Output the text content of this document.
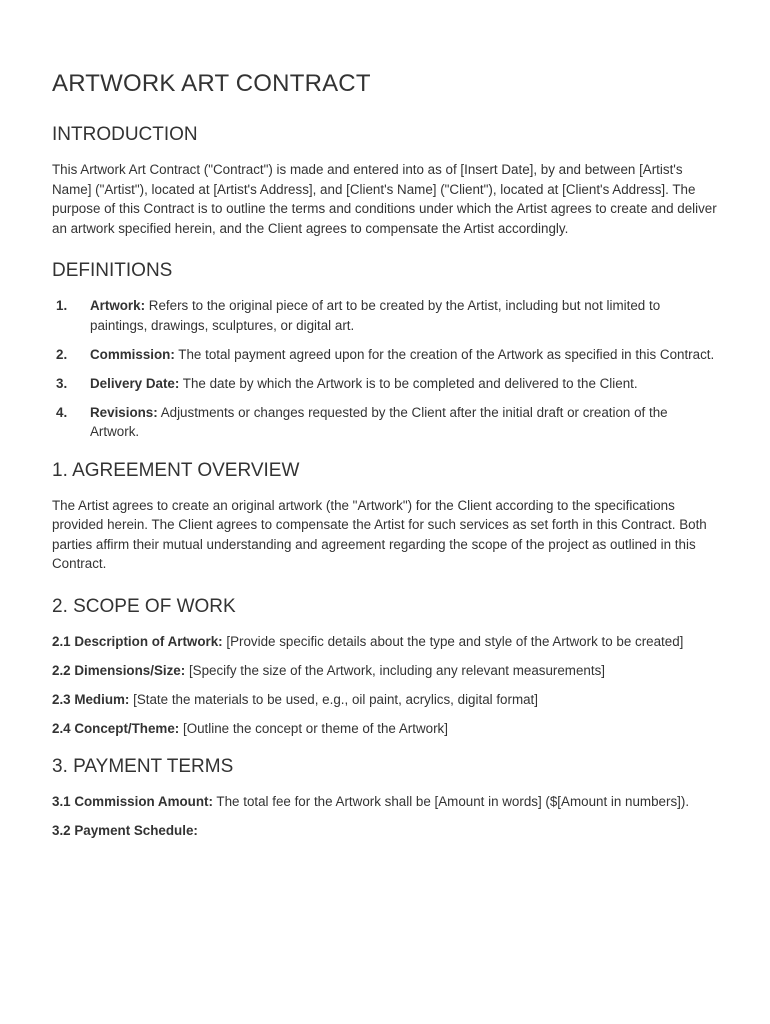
ARTWORK ART CONTRACT
INTRODUCTION

This Artwork Art Contract ("Contract") is made and entered into as of [Insert Date], by and between [Artist's Name] ("Artist"), located at [Artist's Address], and [Client's Name] ("Client"), located at [Client's Address]. The purpose of this Contract is to outline the terms and conditions under which the Artist agrees to create and deliver an artwork specified herein, and the Client agrees to compensate the Artist accordingly.

DEFINITIONS
1.	Artwork: Refers to the original piece of art to be created by the Artist, including but not limited to paintings, drawings, sculptures, or digital art.
2.	Commission: The total payment agreed upon for the creation of the Artwork as specified in this Contract.
3.	Delivery Date: The date by which the Artwork is to be completed and delivered to the Client.
4.	Revisions: Adjustments or changes requested by the Client after the initial draft or creation of the Artwork.
1. AGREEMENT OVERVIEW

The Artist agrees to create an original artwork (the "Artwork") for the Client according to the specifications provided herein. The Client agrees to compensate the Artist for such services as set forth in this Contract. Both parties affirm their mutual understanding and agreement regarding the scope of the project as outlined in this Contract.

2. SCOPE OF WORK

2.1 Description of Artwork: [Provide specific details about the type and style of the Artwork to be created]

2.2 Dimensions/Size: [Specify the size of the Artwork, including any relevant measurements]

2.3 Medium: [State the materials to be used, e.g., oil paint, acrylics, digital format]

2.4 Concept/Theme: [Outline the concept or theme of the Artwork]

3. PAYMENT TERMS

3.1 Commission Amount: The total fee for the Artwork shall be [Amount in words] ($[Amount in numbers]).

3.2 Payment Schedule:
